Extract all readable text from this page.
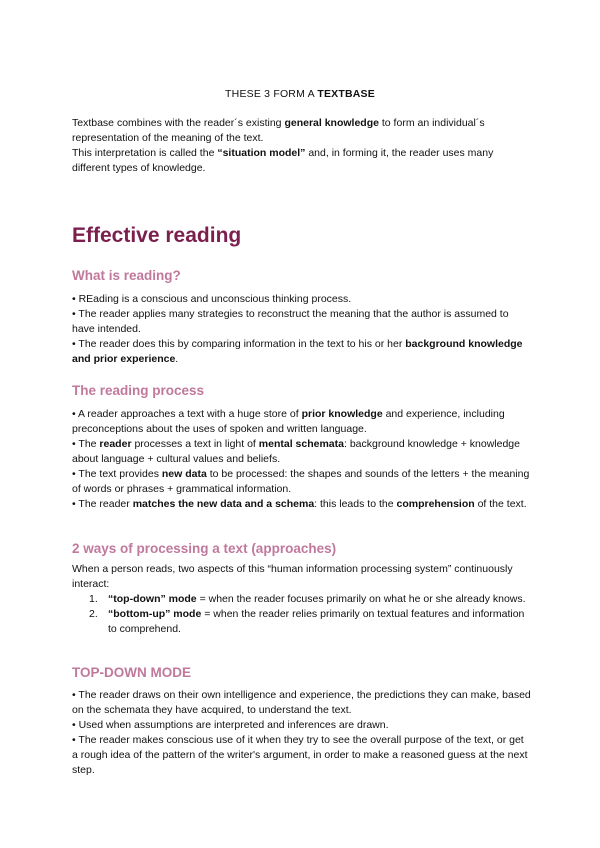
THESE 3 FORM A TEXTBASE

Textbase combines with the reader´s existing general knowledge to form an individual´s representation of the meaning of the text.

This interpretation is called the “situation model” and, in forming it, the reader uses many different types of knowledge.

Effective reading
What is reading?

• REading is a conscious and unconscious thinking process.

• The reader applies many strategies to reconstruct the meaning that the author is assumed to have intended.

• The reader does this by comparing information in the text to his or her background knowledge and prior experience.

The reading process

• A reader approaches a text with a huge store of prior knowledge and experience, including preconceptions about the uses of spoken and written language.

• The reader processes a text in light of mental schemata: background knowledge + knowledge about language + cultural values and beliefs.

• The text provides new data to be processed: the shapes and sounds of the letters + the meaning of words or phrases + grammatical information.

• The reader matches the new data and a schema: this leads to the comprehension of the text.

2 ways of processing a text (approaches)

When a person reads, two aspects of this “human information processing system” continuously interact:

1. “top-down” mode = when the reader focuses primarily on what he or she already knows.
2. “bottom-up” mode = when the reader relies primarily on textual features and information to comprehend.
TOP-DOWN MODE

• The reader draws on their own intelligence and experience, the predictions they can make, based on the schemata they have acquired, to understand the text.

• Used when assumptions are interpreted and inferences are drawn.

• The reader makes conscious use of it when they try to see the overall purpose of the text, or get a rough idea of the pattern of the writer's argument, in order to make a reasoned guess at the next step.
